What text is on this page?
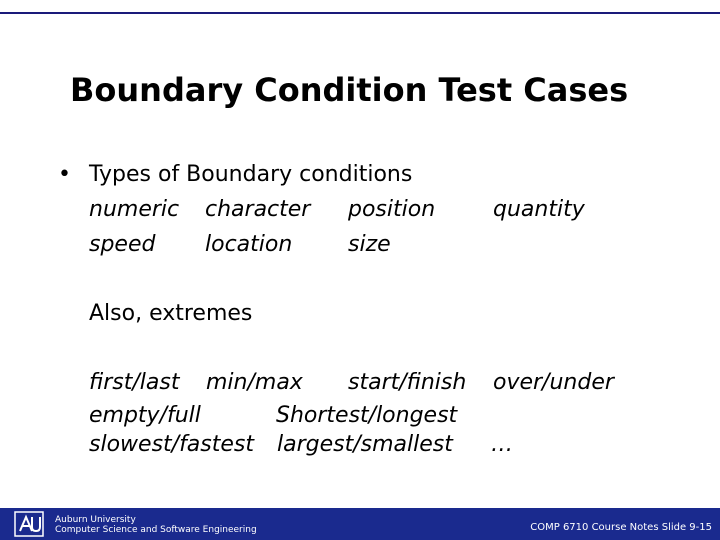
Boundary Condition Test Cases
• Types of Boundary conditions
numeric character position	quantity
speed location	size
Also, extremes
first/last min/max start/finish over/under
empty/full	Shortest/longest
slowest/fastest largest/smallest …
Auburn University
Computer Science and Software Engineering	COMP 6710 Course Notes Slide 9-15
